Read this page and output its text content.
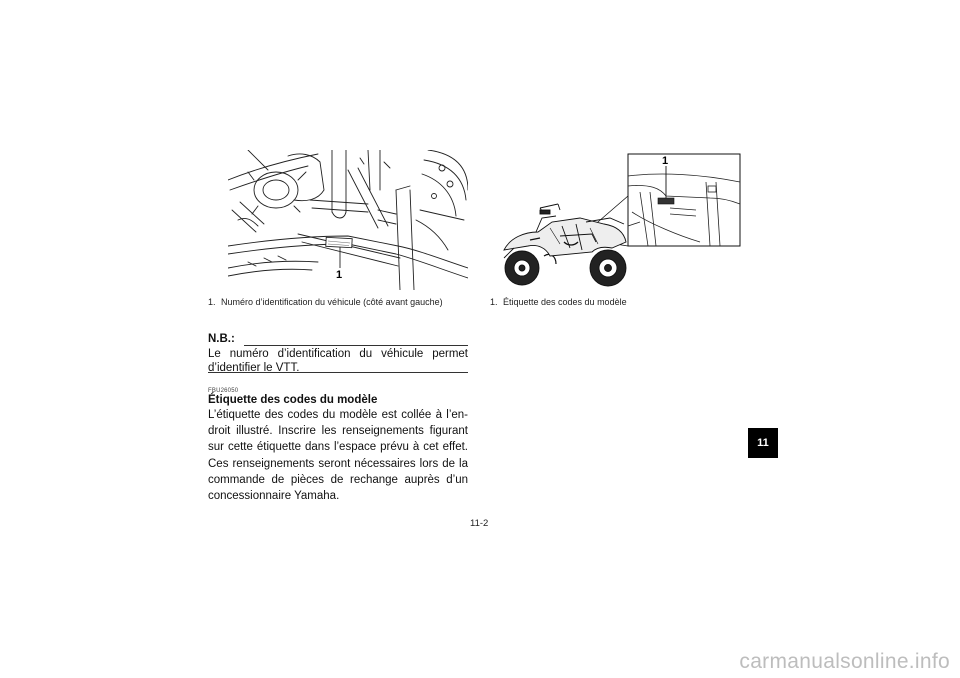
1
1. Numéro d’identification du véhicule (côté avant gauche)
1
1. Étiquette des codes du modèle
N.B.:
Le numéro d’identification du véhicule permet
d’identifier le VTT.
FBU26050
Étiquette des codes du modèle
L’étiquette des codes du modèle est collée à l’en-
droit illustré. Inscrire les renseignements figurant
sur cette étiquette dans l’espace prévu à cet effet.
Ces renseignements seront nécessaires lors de la
commande de pièces de rechange auprès d’un
concessionnaire Yamaha.
11-2
11
carmanualsonline.info
